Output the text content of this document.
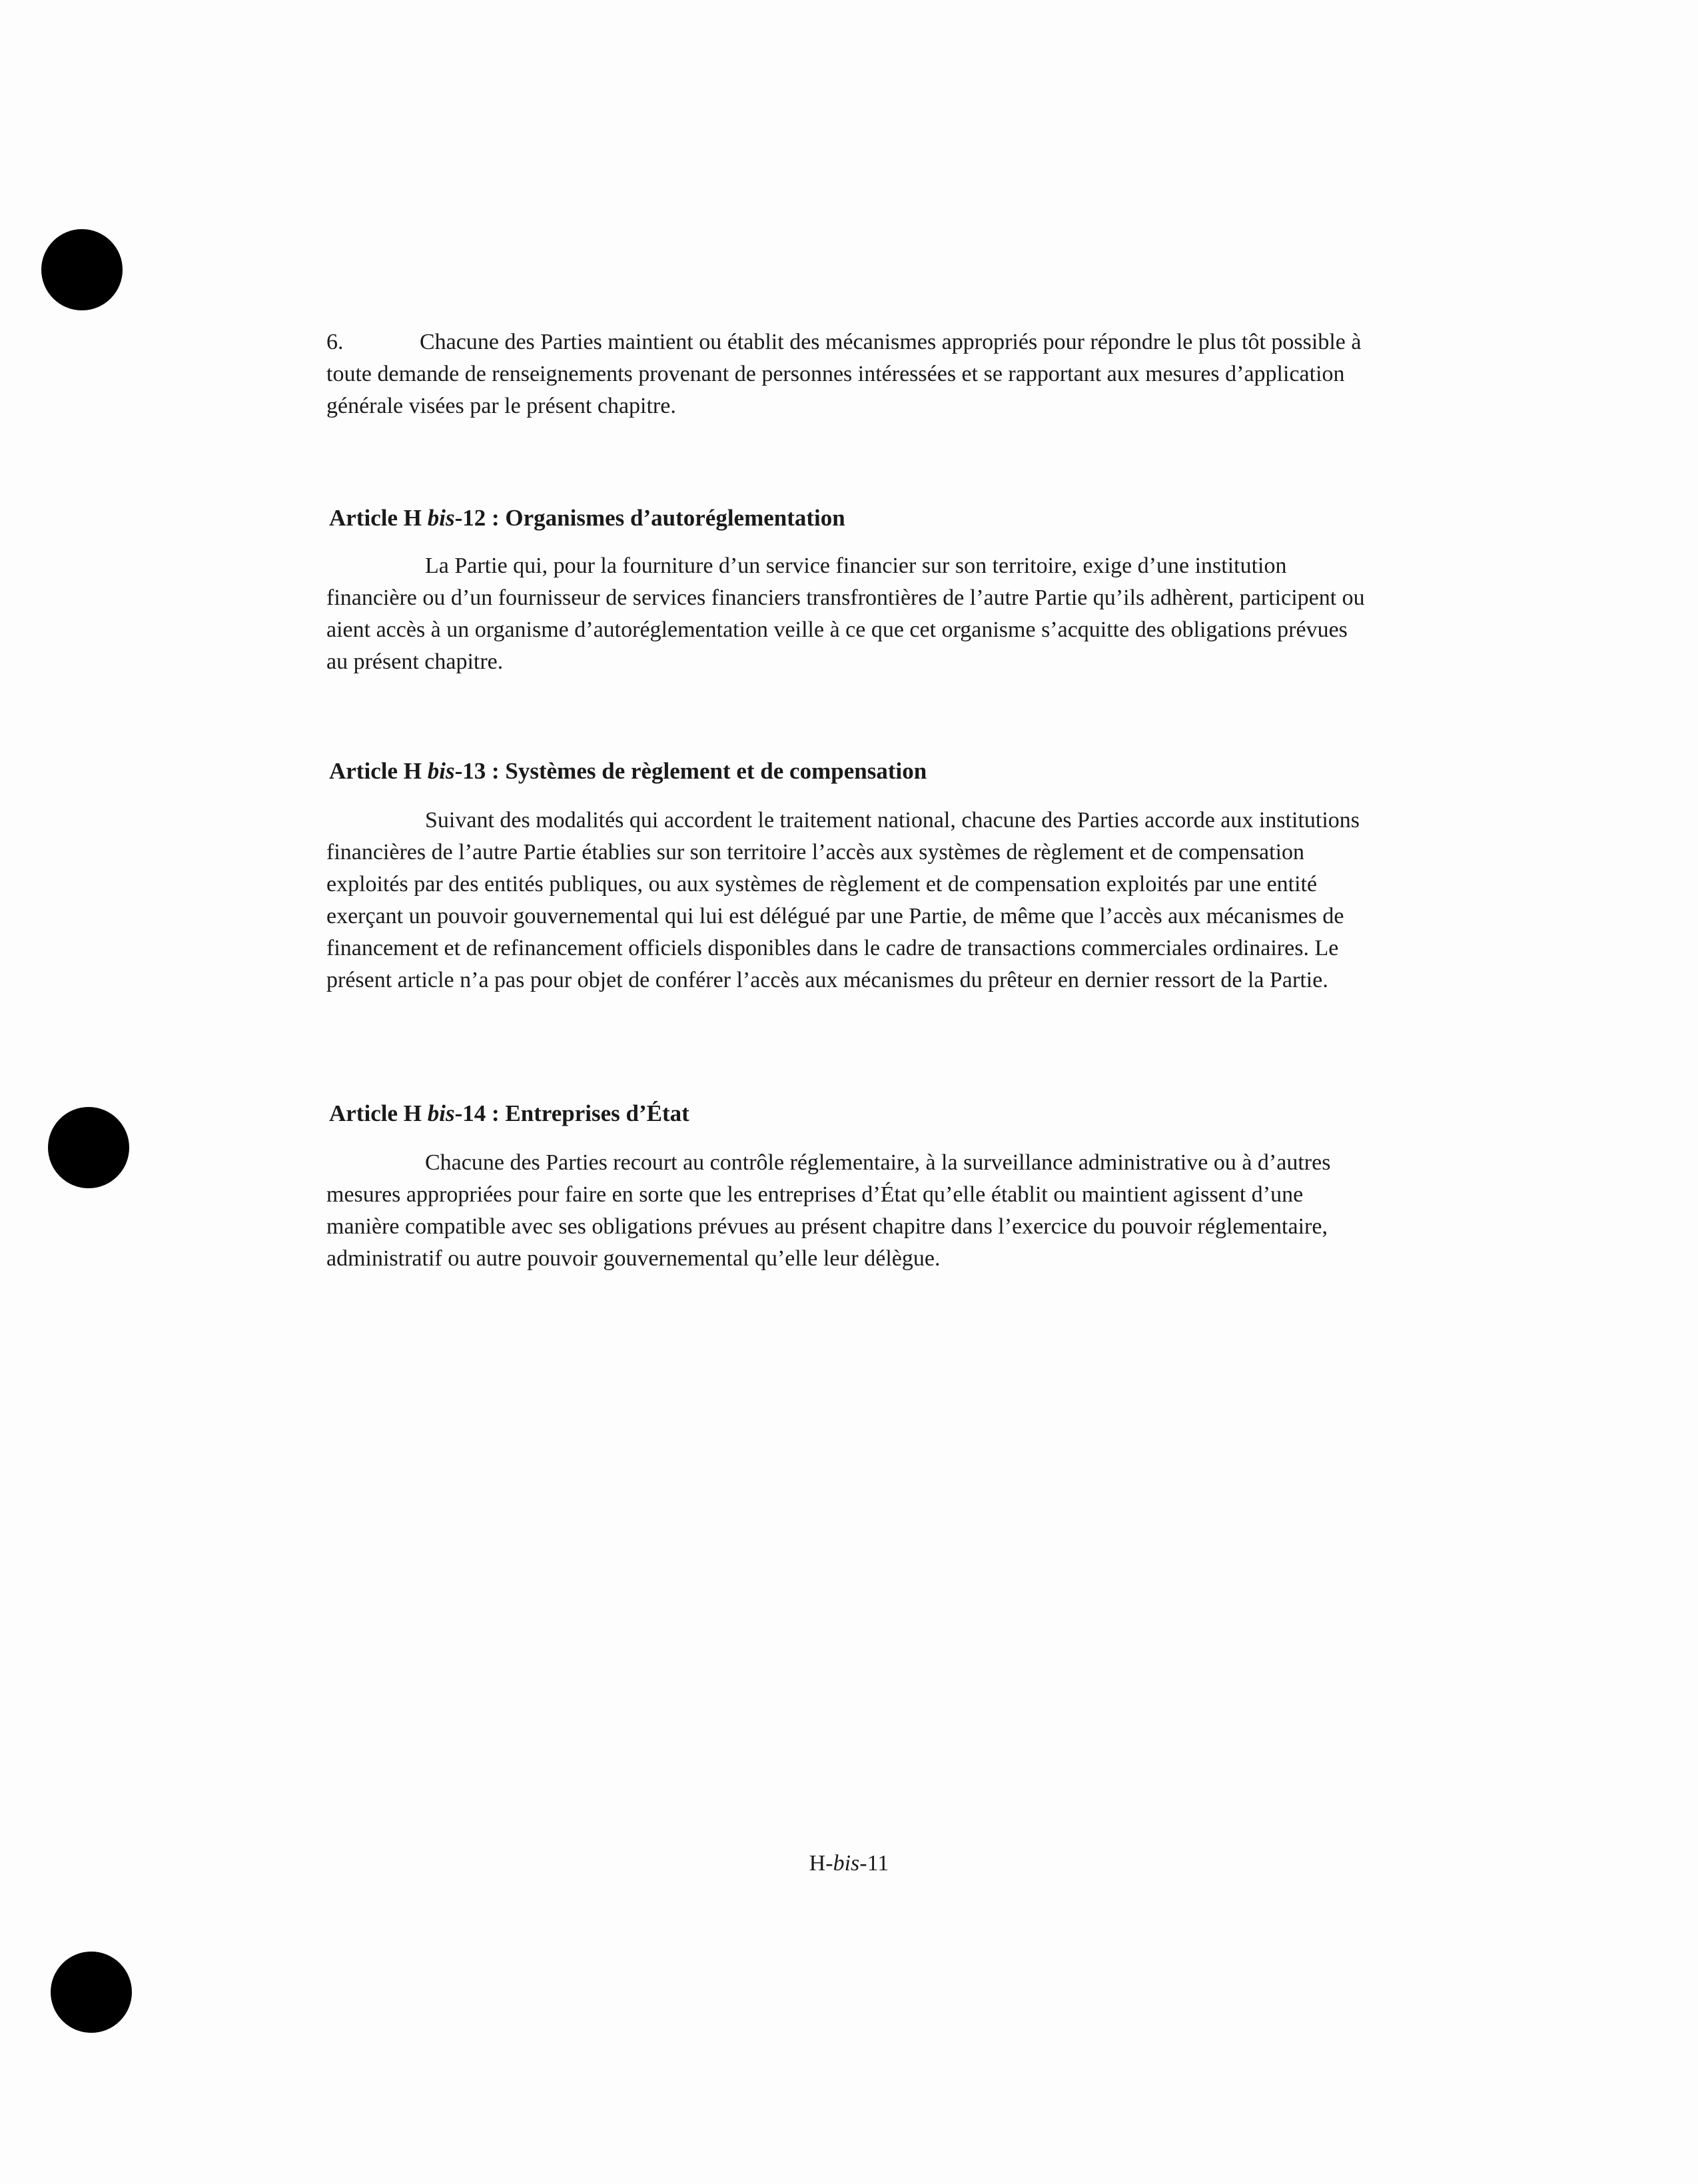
6.	Chacune des Parties maintient ou établit des mécanismes appropriés pour répondre le plus tôt possible à toute demande de renseignements provenant de personnes intéressées et se rapportant aux mesures d’application générale visées par le présent chapitre.

Article H bis-12 : Organismes d’autoréglementation

La Partie qui, pour la fourniture d’un service financier sur son territoire, exige d’une institution financière ou d’un fournisseur de services financiers transfrontières de l’autre Partie qu’ils adhèrent, participent ou aient accès à un organisme d’autoréglementation veille à ce que cet organisme s’acquitte des obligations prévues au présent chapitre.

Article H bis-13 : Systèmes de règlement et de compensation

Suivant des modalités qui accordent le traitement national, chacune des Parties accorde aux institutions financières de l’autre Partie établies sur son territoire l’accès aux systèmes de règlement et de compensation exploités par des entités publiques, ou aux systèmes de règlement et de compensation exploités par une entité exerçant un pouvoir gouvernemental qui lui est délégué par une Partie, de même que l’accès aux mécanismes de financement et de refinancement officiels disponibles dans le cadre de transactions commerciales ordinaires. Le présent article n’a pas pour objet de conférer l’accès aux mécanismes du prêteur en dernier ressort de la Partie.

Article H bis-14 : Entreprises d’État

Chacune des Parties recourt au contrôle réglementaire, à la surveillance administrative ou à d’autres mesures appropriées pour faire en sorte que les entreprises d’État qu’elle établit ou maintient agissent d’une manière compatible avec ses obligations prévues au présent chapitre dans l’exercice du pouvoir réglementaire, administratif ou autre pouvoir gouvernemental qu’elle leur délègue.

H-bis-11
